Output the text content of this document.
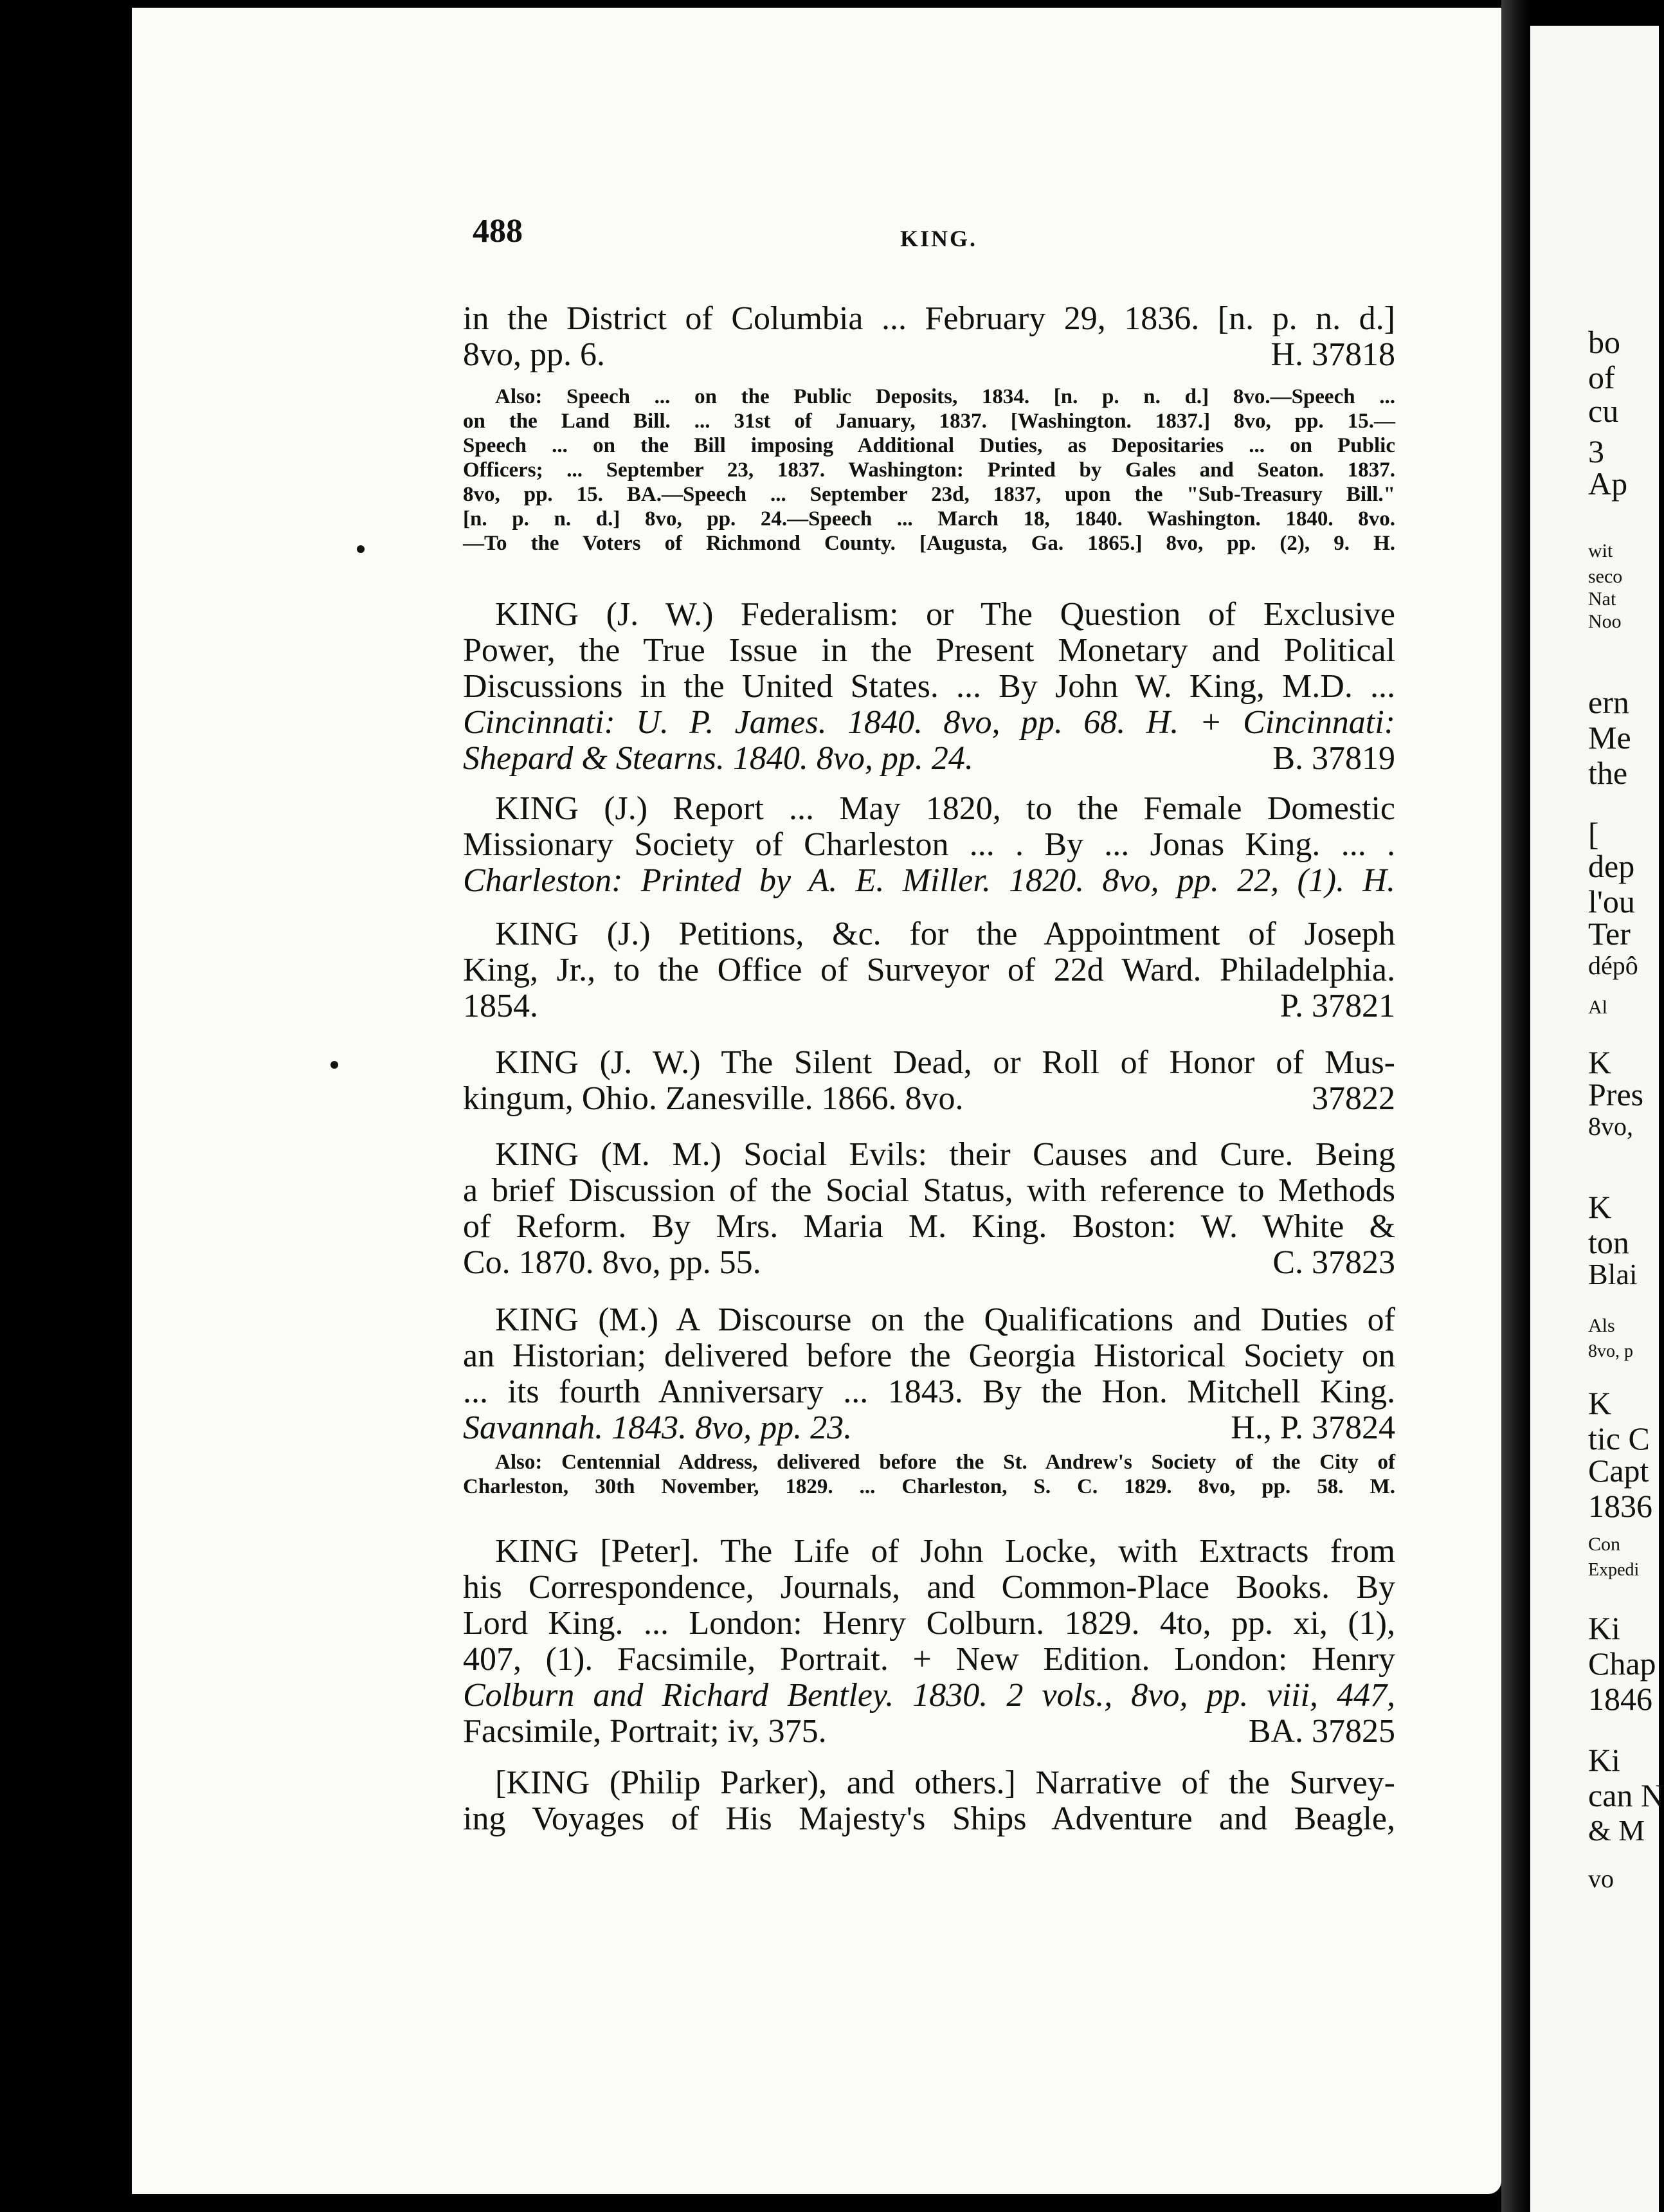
488	KING.
in the District of Columbia ... February 29, 1836. [n. p. n. d.]
8vo, pp. 6.	H. 37818
Also: Speech ... on the Public Deposits, 1834. [n. p. n. d.] 8vo.—Speech ...
on the Land Bill. ... 31st of January, 1837. [Washington. 1837.] 8vo, pp. 15.—
Speech ... on the Bill imposing Additional Duties, as Depositaries ... on Public
Officers; ... September 23, 1837. Washington: Printed by Gales and Seaton. 1837.
8vo, pp. 15. BA.—Speech ... September 23d, 1837, upon the "Sub-Treasury Bill."
[n. p. n. d.] 8vo, pp. 24.—Speech ... March 18, 1840. Washington. 1840. 8vo.
—To the Voters of Richmond County. [Augusta, Ga. 1865.] 8vo, pp. (2), 9. H.
KING (J. W.) Federalism: or The Question of Exclusive
Power, the True Issue in the Present Monetary and Political
Discussions in the United States. ... By John W. King, M.D. ...
Cincinnati: U. P. James. 1840. 8vo, pp. 68. H. + Cincinnati:
Shepard & Stearns. 1840. 8vo, pp. 24.	B. 37819
KING (J.) Report ... May 1820, to the Female Domestic
Missionary Society of Charleston ... . By ... Jonas King. ... .
Charleston: Printed by A. E. Miller. 1820. 8vo, pp. 22, (1). H.
KING (J.) Petitions, &c. for the Appointment of Joseph
King, Jr., to the Office of Surveyor of 22d Ward. Philadelphia.
1854.	P. 37821
KING (J. W.) The Silent Dead, or Roll of Honor of Mus-
kingum, Ohio. Zanesville. 1866. 8vo.	37822
KING (M. M.) Social Evils: their Causes and Cure. Being
a brief Discussion of the Social Status, with reference to Methods
of Reform. By Mrs. Maria M. King. Boston: W. White &
Co. 1870. 8vo, pp. 55.	C. 37823
KING (M.) A Discourse on the Qualifications and Duties of
an Historian; delivered before the Georgia Historical Society on
... its fourth Anniversary ... 1843. By the Hon. Mitchell King.
Savannah. 1843. 8vo, pp. 23.	H., P. 37824
Also: Centennial Address, delivered before the St. Andrew's Society of the City of
Charleston, 30th November, 1829. ... Charleston, S. C. 1829. 8vo, pp. 58. M.
KING [Peter]. The Life of John Locke, with Extracts from
his Correspondence, Journals, and Common-Place Books. By
Lord King. ... London: Henry Colburn. 1829. 4to, pp. xi, (1),
407, (1). Facsimile, Portrait. + New Edition. London: Henry
Colburn and Richard Bentley. 1830. 2 vols., 8vo, pp. viii, 447,
Facsimile, Portrait; iv, 375.	BA. 37825
[KING (Philip Parker), and others.] Narrative of the Survey-
ing Voyages of His Majesty's Ships Adventure and Beagle,
bo
of
cu
3
Ap
wit
seco
Nat
Noo
ern
Me
the
[
dep
l'ou
Ter
dépô
Al
K
Pres
8vo,
K
ton
Blai
Als
8vo, p
K
tic C
Capt
1836
Con
Expedi
Ki
Chap
1846
Ki
can N
& M
vo
